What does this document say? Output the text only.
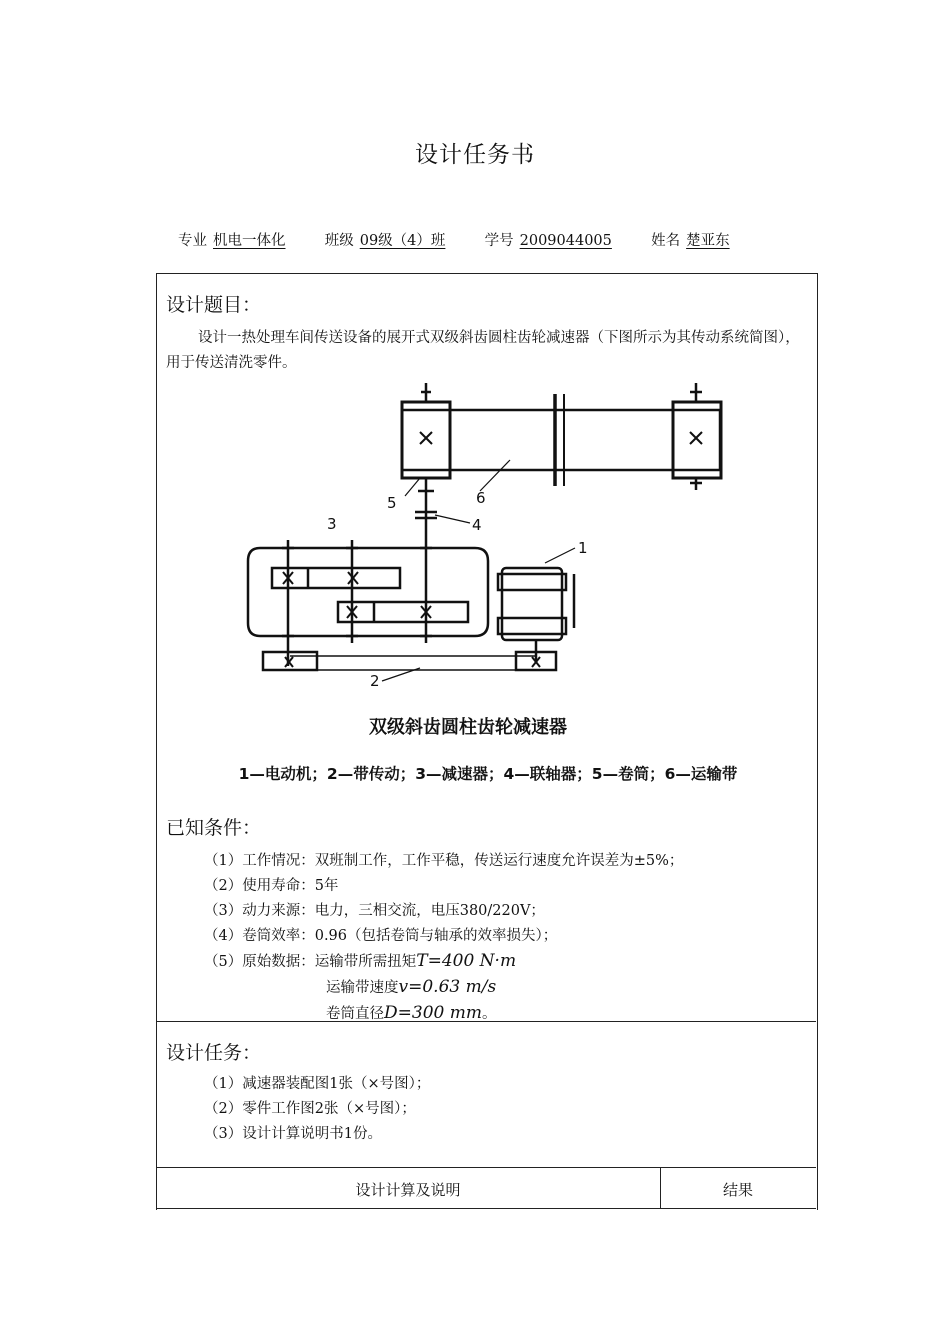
设计任务书
专业 机电一体化	班级 09级（4）班	学号 2009044005	姓名 楚亚东
设计题目：
设计一热处理车间传送设备的展开式双级斜齿圆柱齿轮减速器（下图所示为其传动系统简图），用于传送清洗零件。
1
2
3	4
5	6
双级斜齿圆柱齿轮减速器
1—电动机；2—带传动；3—减速器；4—联轴器；5—卷筒；6—运输带
已知条件：
（1）工作情况：双班制工作，工作平稳，传送运行速度允许误差为±5%；
（2）使用寿命：5年
（3）动力来源：电力，三相交流，电压380/220V；
（4）卷筒效率：0.96（包括卷筒与轴承的效率损失）；
（5）原始数据：运输带所需扭矩T=400 N·m
运输带速度v=0.63 m/s
卷筒直径D=300 mm。
设计任务：
（1）减速器装配图1张（×号图）；
（2）零件工作图2张（×号图）；
（3）设计计算说明书1份。
设计计算及说明	结果
